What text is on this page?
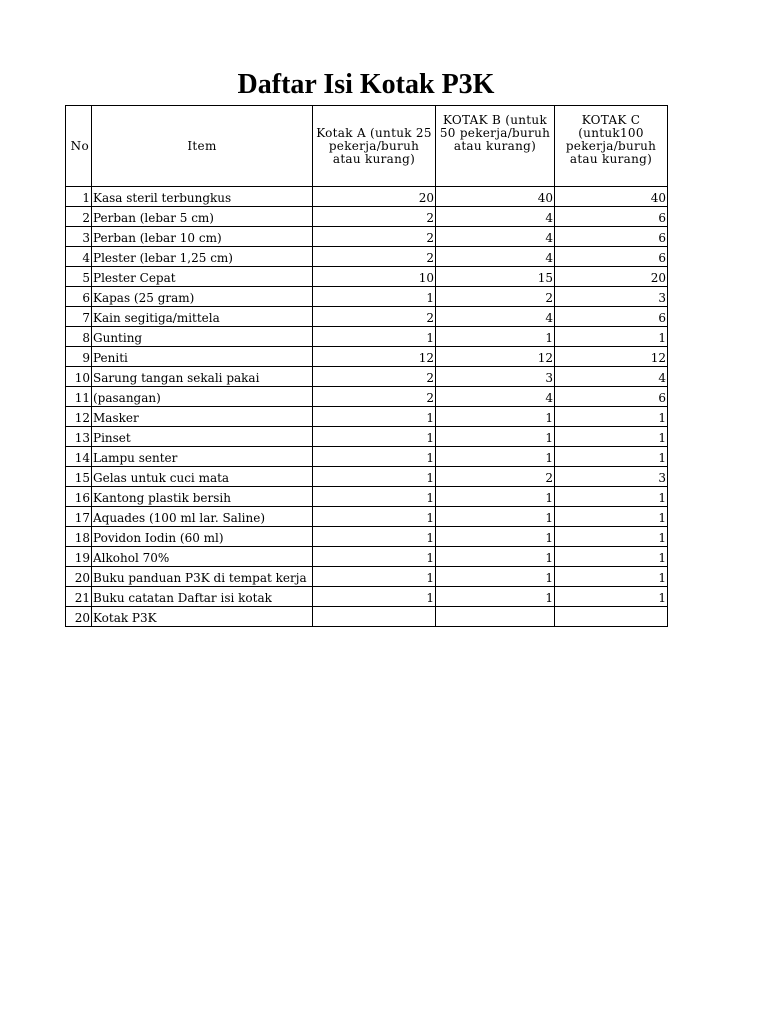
Daftar Isi Kotak P3K
No	Item	Kotak A (untuk 25 pekerja/buruh atau kurang)	KOTAK B (untuk 50 pekerja/buruh atau kurang)	KOTAK C (untuk100 pekerja/buruh atau kurang)
1	Kasa steril terbungkus	20	40	40
2	Perban (lebar 5 cm)	2	4	6
3	Perban (lebar 10 cm)	2	4	6
4	Plester (lebar 1,25 cm)	2	4	6
5	Plester Cepat	10	15	20
6	Kapas (25 gram)	1	2	3
7	Kain segitiga/mittela	2	4	6
8	Gunting	1	1	1
9	Peniti	12	12	12
10	Sarung tangan sekali pakai	2	3	4
11	(pasangan)	2	4	6
12	Masker	1	1	1
13	Pinset	1	1	1
14	Lampu senter	1	1	1
15	Gelas untuk cuci mata	1	2	3
16	Kantong plastik bersih	1	1	1
17	Aquades (100 ml lar. Saline)	1	1	1
18	Povidon Iodin (60 ml)	1	1	1
19	Alkohol 70%	1	1	1
20	Buku panduan P3K di tempat kerja	1	1	1
21	Buku catatan Daftar isi kotak	1	1	1
20	Kotak P3K			
